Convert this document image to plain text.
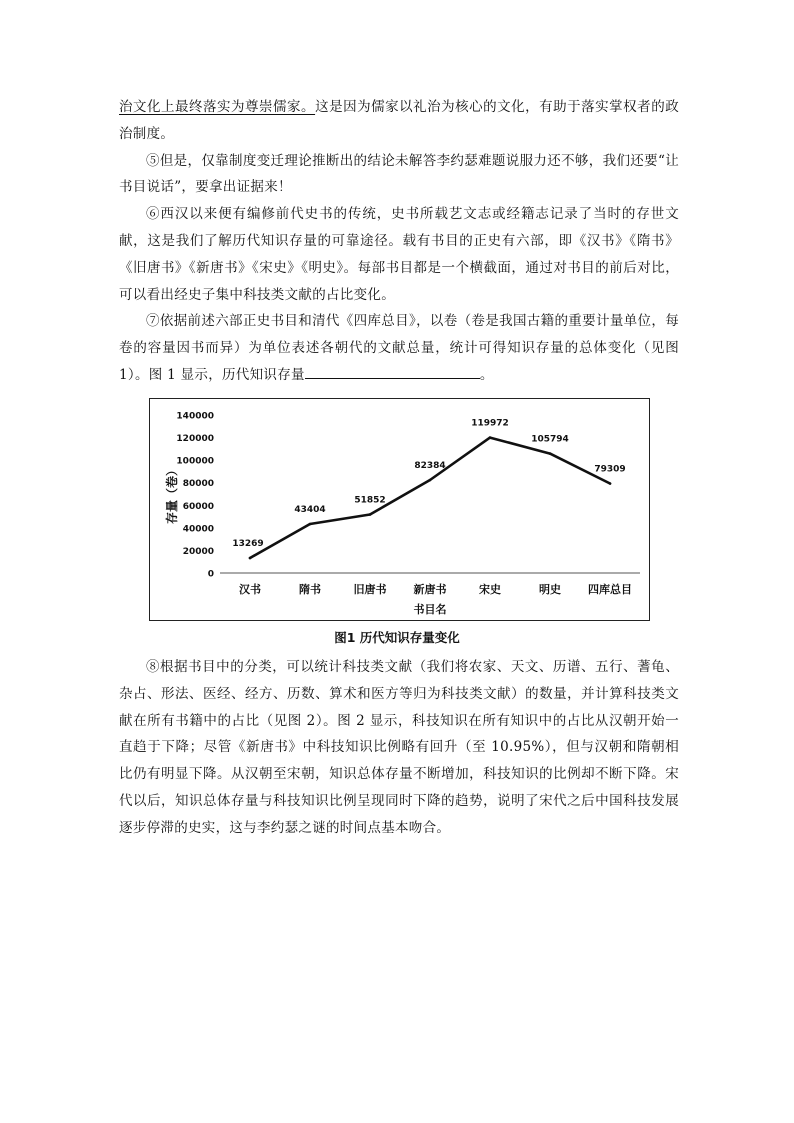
治文化上最终落实为尊崇儒家。这是因为儒家以礼治为核心的文化，有助于落实掌权者的政治制度。

⑤但是，仅靠制度变迁理论推断出的结论未解答李约瑟难题说服力还不够，我们还要“让书目说话”，要拿出证据来！

⑥西汉以来便有编修前代史书的传统，史书所载艺文志或经籍志记录了当时的存世文献，这是我们了解历代知识存量的可靠途径。载有书目的正史有六部，即《汉书》《隋书》《旧唐书》《新唐书》《宋史》《明史》。每部书目都是一个横截面，通过对书目的前后对比，可以看出经史子集中科技类文献的占比变化。

⑦依据前述六部正史书目和清代《四库总目》，以卷（卷是我国古籍的重要计量单位，每卷的容量因书而异）为单位表述各朝代的文献总量，统计可得知识存量的总体变化（见图 1）。图 1 显示，历代知识存量	。

0
20000
40000
60000
80000
100000
120000
140000
存量（卷）
汉书	隋书	旧唐书 新唐书	宋史	明史 四库总目
书目名
13269
43404
51852
82384
119972
105794
79309
图1 历代知识存量变化

⑧根据书目中的分类，可以统计科技类文献（我们将农家、天文、历谱、五行、蓍龟、杂占、形法、医经、经方、历数、算术和医方等归为科技类文献）的数量，并计算科技类文献在所有书籍中的占比（见图 2）。图 2 显示，科技知识在所有知识中的占比从汉朝开始一直趋于下降；尽管《新唐书》中科技知识比例略有回升（至 10.95%），但与汉朝和隋朝相比仍有明显下降。从汉朝至宋朝，知识总体存量不断增加，科技知识的比例却不断下降。宋代以后，知识总体存量与科技知识比例呈现同时下降的趋势，说明了宋代之后中国科技发展逐步停滞的史实，这与李约瑟之谜的时间点基本吻合。
